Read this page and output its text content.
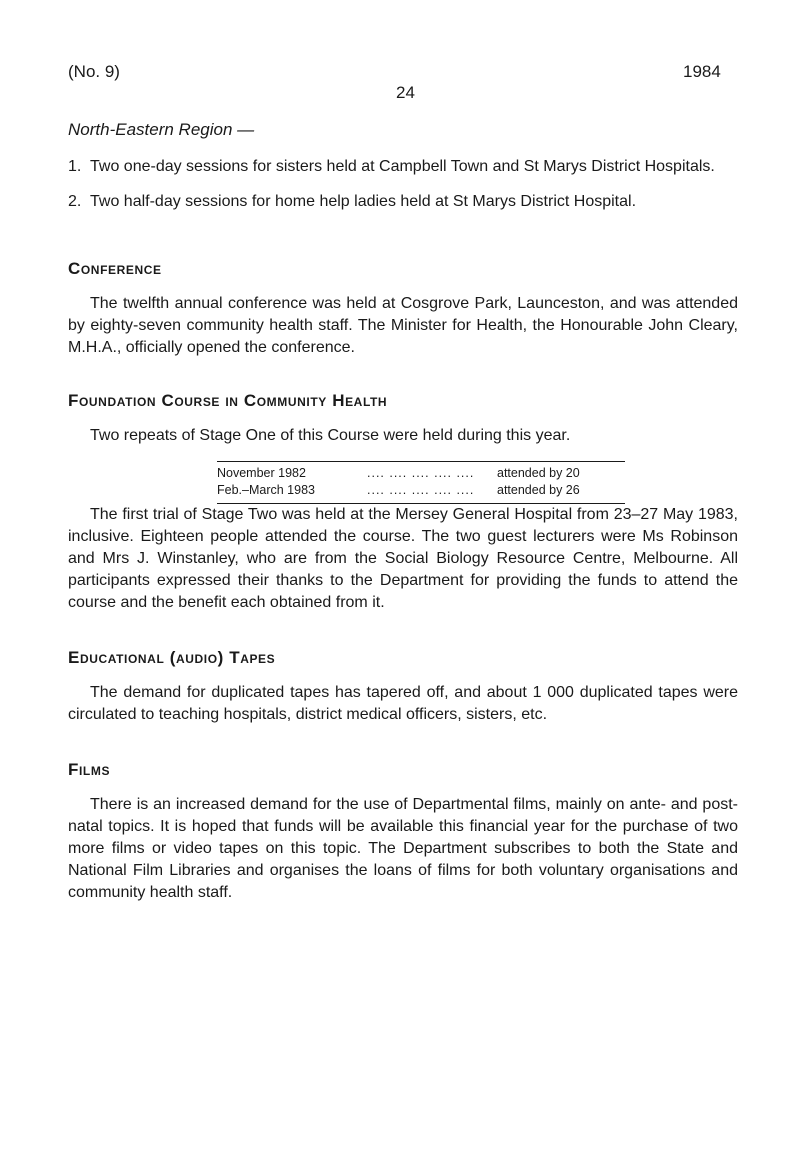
(No. 9)	1984
24
North-Eastern Region —
1. Two one-day sessions for sisters held at Campbell Town and St Marys District Hospitals.
2. Two half-day sessions for home help ladies held at St Marys District Hospital.
Conference

The twelfth annual conference was held at Cosgrove Park, Launceston, and was attended by eighty-seven community health staff. The Minister for Health, the Honourable John Cleary, M.H.A., officially opened the conference.

Foundation Course in Community Health

Two repeats of Stage One of this Course were held during this year.

November 1982	.... .... .... .... ....	attended by 20
Feb.–March 1983	.... .... .... .... ....	attended by 26

The first trial of Stage Two was held at the Mersey General Hospital from 23–27 May 1983, inclusive. Eighteen people attended the course. The two guest lecturers were Ms Robinson and Mrs J. Winstanley, who are from the Social Biology Resource Centre, Melbourne. All participants expressed their thanks to the Department for providing the funds to attend the course and the benefit each obtained from it.

Educational (audio) Tapes

The demand for duplicated tapes has tapered off, and about 1 000 duplicated tapes were circulated to teaching hospitals, district medical officers, sisters, etc.

Films

There is an increased demand for the use of Departmental films, mainly on ante- and post-natal topics. It is hoped that funds will be available this financial year for the purchase of two more films or video tapes on this topic. The Department subscribes to both the State and National Film Libraries and organises the loans of films for both voluntary organisations and community health staff.
